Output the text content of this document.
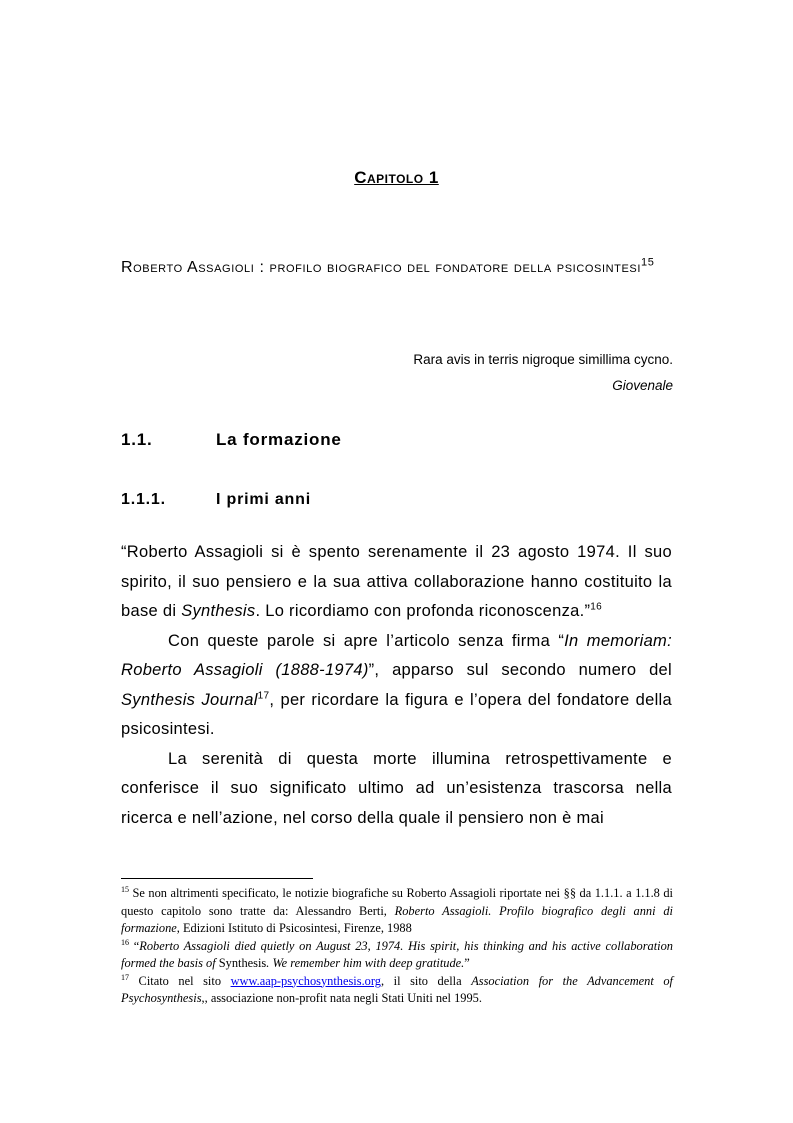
Capitolo 1
Roberto Assagioli : profilo biografico del fondatore della psicosintesi$^{15}$
Rara avis in terris nigroque simillima cycno.
Giovenale
1.1.	La formazione
1.1.1.	I primi anni

“Roberto Assagioli si è spento serenamente il 23 agosto 1974. Il suo spirito, il suo pensiero e la sua attiva collaborazione hanno costituito la base di Synthesis. Lo ricordiamo con profonda riconoscenza.”$^{16}$

Con queste parole si apre l’articolo senza firma “In memoriam: Roberto Assagioli (1888-1974)”, apparso sul secondo numero del Synthesis Journal$^{17}$, per ricordare la figura e l’opera del fondatore della psicosintesi.

La serenità di questa morte illumina retrospettivamente e conferisce il suo significato ultimo ad un’esistenza trascorsa nella ricerca e nell’azione, nel corso della quale il pensiero non è mai

$^{15}$ Se non altrimenti specificato, le notizie biografiche su Roberto Assagioli riportate nei §§ da 1.1.1. a 1.1.8 di questo capitolo sono tratte da: Alessandro Berti, Roberto Assagioli. Profilo biografico degli anni di formazione, Edizioni Istituto di Psicosintesi, Firenze, 1988

$^{16}$ “Roberto Assagioli died quietly on August 23, 1974. His spirit, his thinking and his active collaboration formed the basis of Synthesis. We remember him with deep gratitude.”

$^{17}$ Citato nel sito www.aap-psychosynthesis.org, il sito della Association for the Advancement of Psychosynthesis,, associazione non-profit nata negli Stati Uniti nel 1995.
